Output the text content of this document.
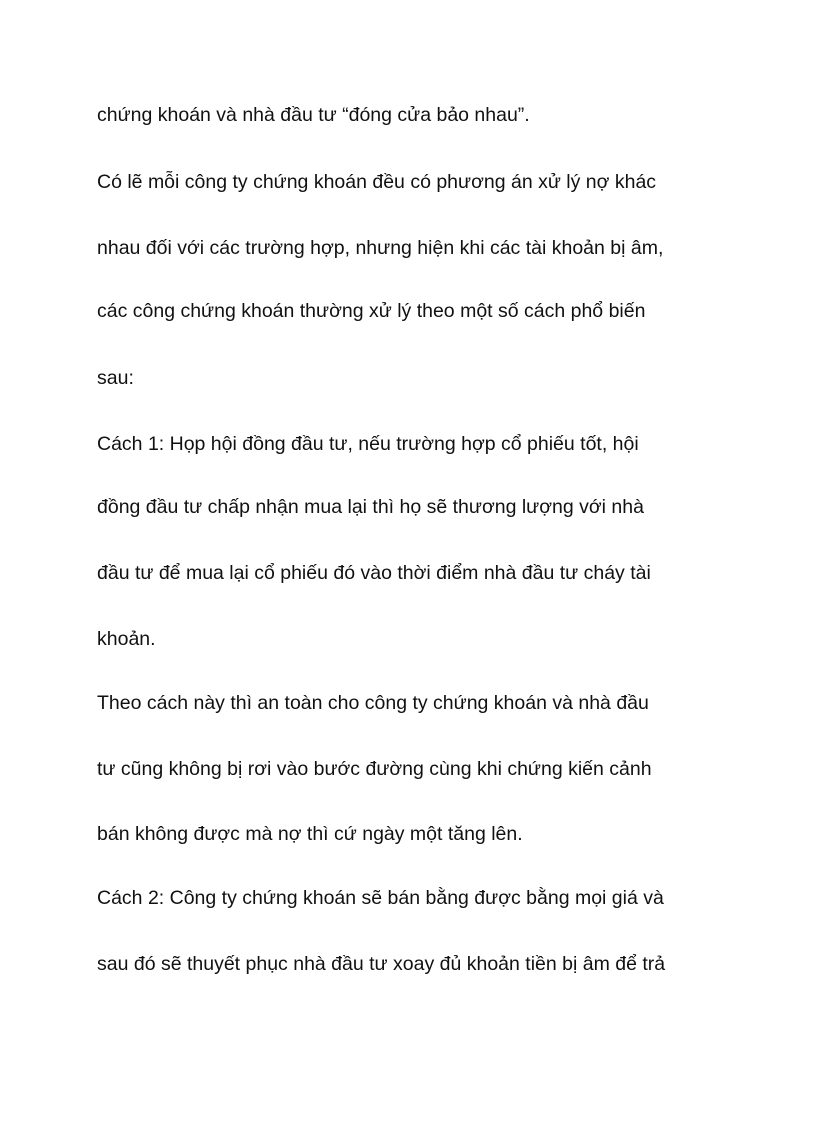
chứng khoán và nhà đầu tư “đóng cửa bảo nhau”.
Có lẽ mỗi công ty chứng khoán đều có phương án xử lý nợ khác
nhau đối với các trường hợp, nhưng hiện khi các tài khoản bị âm,
các công chứng khoán thường xử lý theo một số cách phổ biến
sau:
Cách 1: Họp hội đồng đầu tư, nếu trường hợp cổ phiếu tốt, hội
đồng đầu tư chấp nhận mua lại thì họ sẽ thương lượng với nhà
đầu tư để mua lại cổ phiếu đó vào thời điểm nhà đầu tư cháy tài
khoản.
Theo cách này thì an toàn cho công ty chứng khoán và nhà đầu
tư cũng không bị rơi vào bước đường cùng khi chứng kiến cảnh
bán không được mà nợ thì cứ ngày một tăng lên.
Cách 2: Công ty chứng khoán sẽ bán bằng được bằng mọi giá và
sau đó sẽ thuyết phục nhà đầu tư xoay đủ khoản tiền bị âm để trả
